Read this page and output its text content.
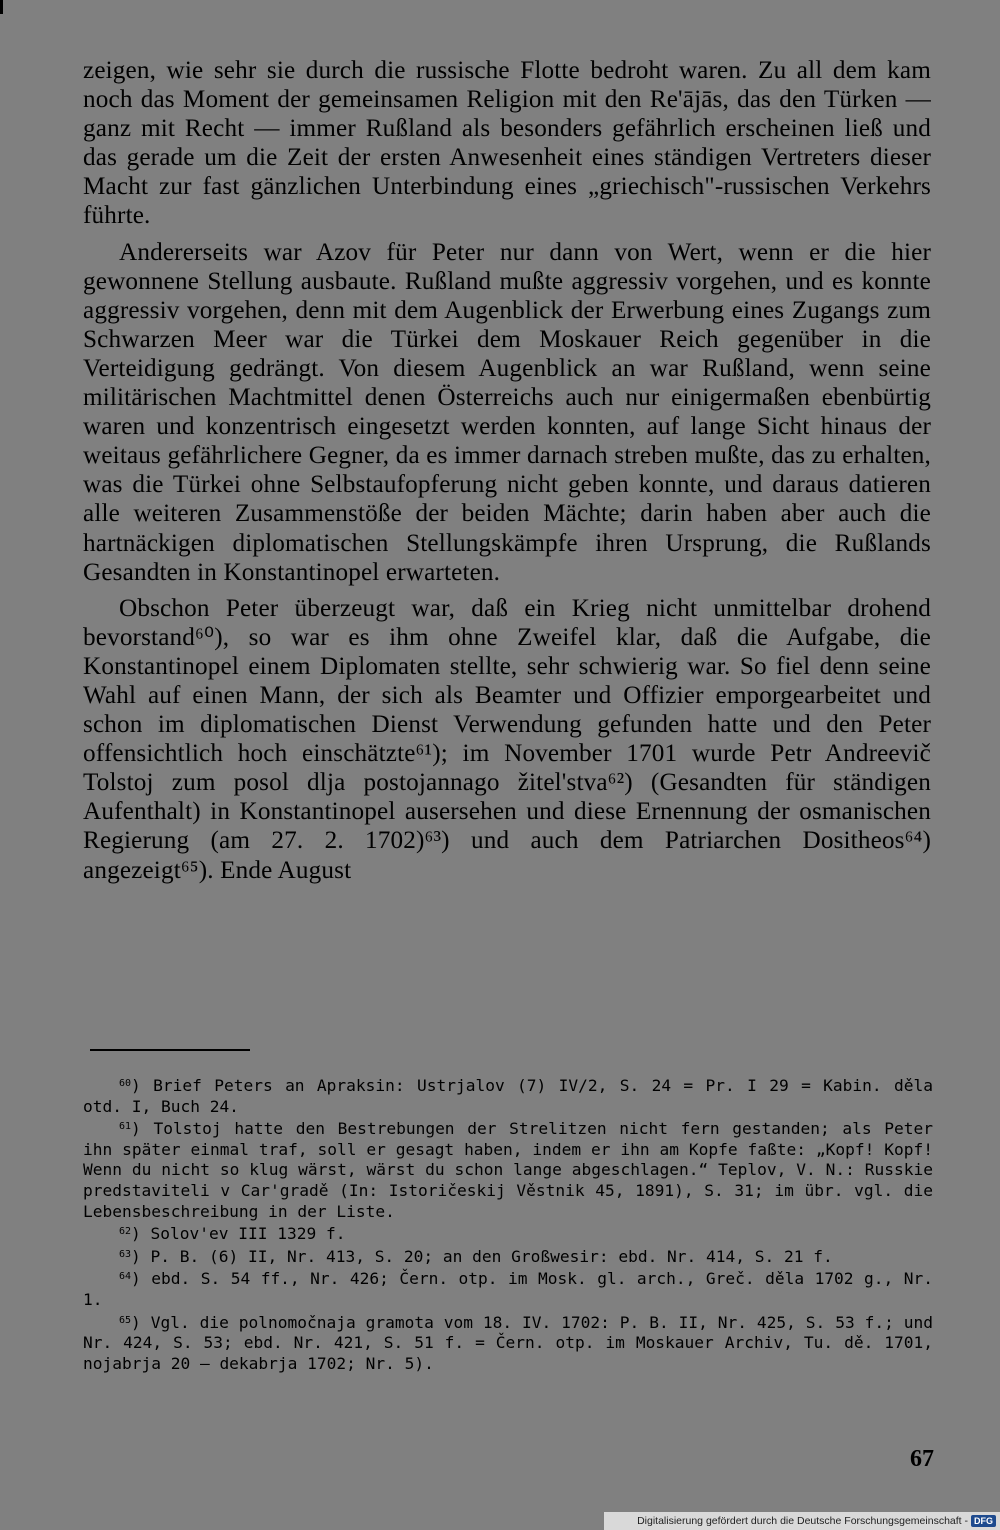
zeigen, wie sehr sie durch die russische Flotte bedroht waren. Zu all dem kam noch das Moment der gemeinsamen Religion mit den Re'ājās, das den Türken — ganz mit Recht — immer Rußland als besonders gefährlich erscheinen ließ und das gerade um die Zeit der ersten Anwesenheit eines ständigen Vertreters dieser Macht zur fast gänzlichen Unterbindung eines „griechisch"-russischen Verkehrs führte.

Andererseits war Azov für Peter nur dann von Wert, wenn er die hier gewonnene Stellung ausbaute. Rußland mußte aggressiv vorgehen, und es konnte aggressiv vorgehen, denn mit dem Augenblick der Erwerbung eines Zugangs zum Schwarzen Meer war die Türkei dem Moskauer Reich gegenüber in die Verteidigung gedrängt. Von diesem Augenblick an war Rußland, wenn seine militärischen Machtmittel denen Österreichs auch nur einigermaßen ebenbürtig waren und konzentrisch eingesetzt werden konnten, auf lange Sicht hinaus der weitaus gefährlichere Gegner, da es immer darnach streben mußte, das zu erhalten, was die Türkei ohne Selbstaufopferung nicht geben konnte, und daraus datieren alle weiteren Zusammenstöße der beiden Mächte; darin haben aber auch die hartnäckigen diplomatischen Stellungskämpfe ihren Ursprung, die Rußlands Gesandten in Konstantinopel erwarteten.

Obschon Peter überzeugt war, daß ein Krieg nicht unmittelbar drohend bevorstand⁶⁰), so war es ihm ohne Zweifel klar, daß die Aufgabe, die Konstantinopel einem Diplomaten stellte, sehr schwierig war. So fiel denn seine Wahl auf einen Mann, der sich als Beamter und Offizier emporgearbeitet und schon im diplomatischen Dienst Verwendung gefunden hatte und den Peter offensichtlich hoch einschätzte⁶¹); im November 1701 wurde Petr Andreevič Tolstoj zum posol dlja postojannago žitel'stva⁶²) (Gesandten für ständigen Aufenthalt) in Konstantinopel ausersehen und diese Ernennung der osmanischen Regierung (am 27. 2. 1702)⁶³) und auch dem Patriarchen Dositheos⁶⁴) angezeigt⁶⁵). Ende August

$^{60}$) Brief Peters an Apraksin: Ustrjalov (7) IV/2, S. 24 = Pr. I 29 = Kabin. děla otd. I, Buch 24.

$^{61}$) Tolstoj hatte den Bestrebungen der Strelitzen nicht fern gestanden; als Peter ihn später einmal traf, soll er gesagt haben, indem er ihn am Kopfe faßte: „Kopf! Kopf! Wenn du nicht so klug wärst, wärst du schon lange abgeschlagen.“ Teplov, V. N.: Russkie predstaviteli v Car'gradě (In: Istoričeskij Věstnik 45, 1891), S. 31; im übr. vgl. die Lebensbeschreibung in der Liste.

$^{62}$) Solov'ev III 1329 f.

$^{63}$) P. B. (6) II, Nr. 413, S. 20; an den Großwesir: ebd. Nr. 414, S. 21 f.

$^{64}$) ebd. S. 54 ff., Nr. 426; Čern. otp. im Mosk. gl. arch., Greč. děla 1702 g., Nr. 1.

$^{65}$) Vgl. die polnomočnaja gramota vom 18. IV. 1702: P. B. II, Nr. 425, S. 53 f.; und Nr. 424, S. 53; ebd. Nr. 421, S. 51 f. = Čern. otp. im Moskauer Archiv, Tu. dě. 1701, nojabrja 20 — dekabrja 1702; Nr. 5).

67
Digitalisierung gefördert durch die Deutsche Forschungsgemeinschaft - DFG
